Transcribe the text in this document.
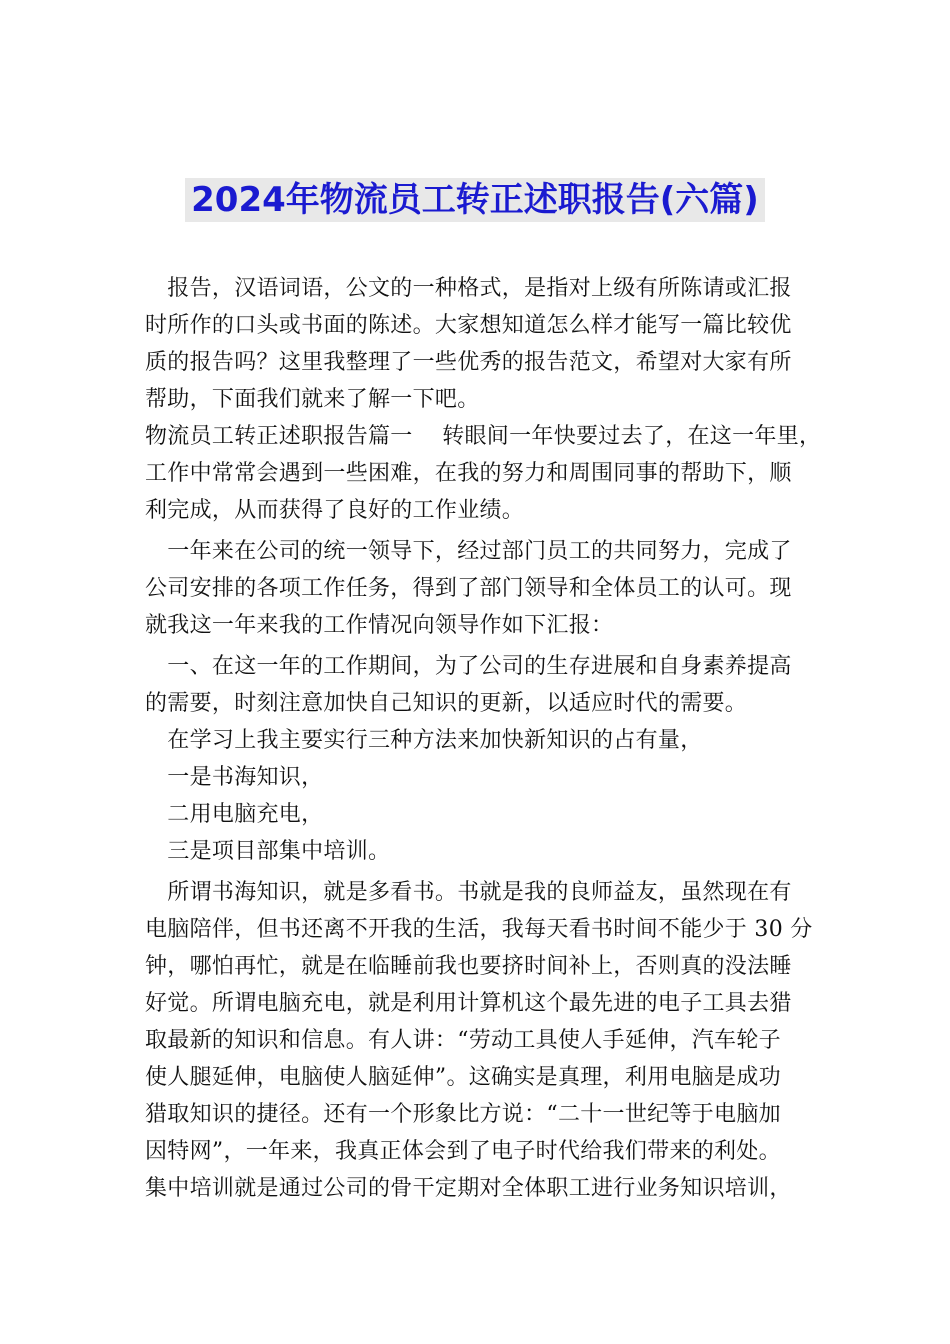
2024年物流员工转正述职报告(六篇)
　报告，汉语词语，公文的一种格式，是指对上级有所陈请或汇报
时所作的口头或书面的陈述。大家想知道怎么样才能写一篇比较优
质的报告吗？这里我整理了一些优秀的报告范文，希望对大家有所
帮助，下面我们就来了解一下吧。
物流员工转正述职报告篇一　 转眼间一年快要过去了，在这一年里，
工作中常常会遇到一些困难，在我的努力和周围同事的帮助下，顺
利完成，从而获得了良好的工作业绩。
　一年来在公司的统一领导下，经过部门员工的共同努力，完成了
公司安排的各项工作任务，得到了部门领导和全体员工的认可。现
就我这一年来我的工作情况向领导作如下汇报：
　一、在这一年的工作期间，为了公司的生存进展和自身素养提高
的需要，时刻注意加快自己知识的更新，以适应时代的需要。
　在学习上我主要实行三种方法来加快新知识的占有量，
　一是书海知识，
　二用电脑充电，
　三是项目部集中培训。
　所谓书海知识，就是多看书。书就是我的良师益友，虽然现在有
电脑陪伴，但书还离不开我的生活，我每天看书时间不能少于 30 分
钟，哪怕再忙，就是在临睡前我也要挤时间补上，否则真的没法睡
好觉。所谓电脑充电，就是利用计算机这个最先进的电子工具去猎
取最新的知识和信息。有人讲：“劳动工具使人手延伸，汽车轮子
使人腿延伸，电脑使人脑延伸”。这确实是真理，利用电脑是成功
猎取知识的捷径。还有一个形象比方说：“二十一世纪等于电脑加
因特网”，一年来，我真正体会到了电子时代给我们带来的利处。
集中培训就是通过公司的骨干定期对全体职工进行业务知识培训，
